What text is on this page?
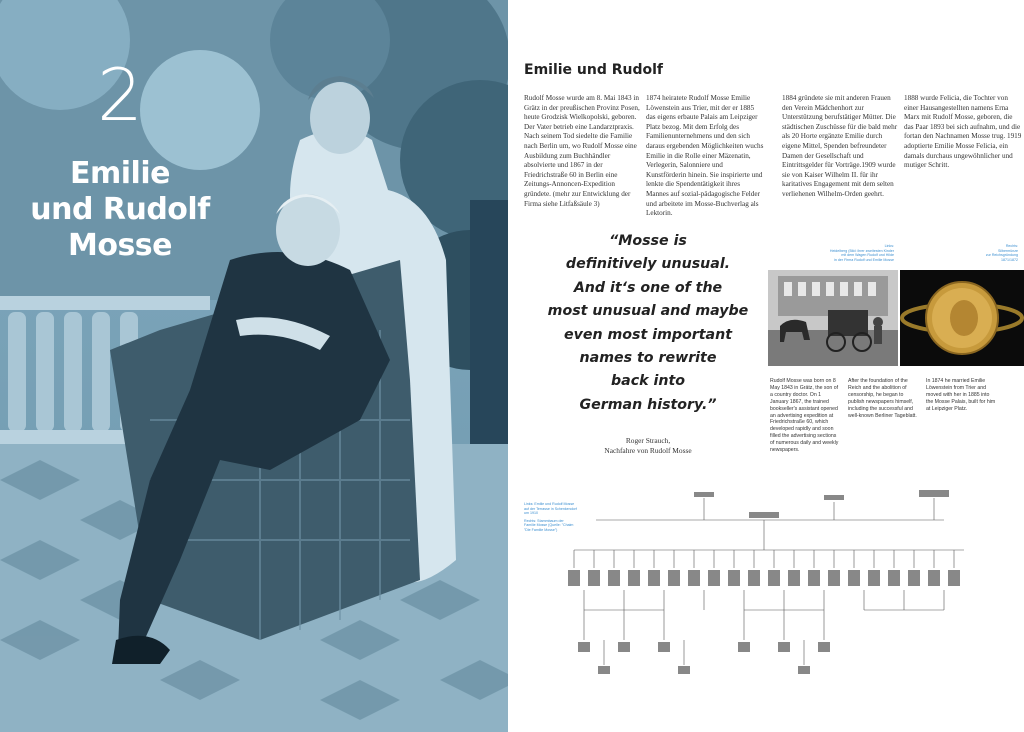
2
Emilie
und Rudolf
Mosse
Emilie und Rudolf
Rudolf Mosse wurde am 8. Mai 1843 in Grätz in der preußischen Provinz Posen, heute Grodzisk Wielkopolski, geboren. Der Vater betrieb eine Landarztpraxis. Nach seinem Tod siedelte die Familie nach Berlin um, wo Rudolf Mosse eine Ausbildung zum Buchhändler absolvierte und 1867 in der Friedrichstraße 60 in Berlin eine Zeitungs-Annoncen-Expedition gründete. (mehr zur Entwicklung der Firma siehe Litfaßsäule 3)
1874 heiratete Rudolf Mosse Emilie Löwenstein aus Trier, mit der er 1885 das eigens erbaute Palais am Leipziger Platz bezog. Mit dem Erfolg des Familienunternehmens und den sich daraus ergebenden Möglichkeiten wuchs Emilie in die Rolle einer Mäzenatin, Verlegerin, Salonniere und Kunstförderin hinein. Sie inspirierte und lenkte die Spendentätigkeit ihres Mannes auf sozial-pädagogische Felder und arbeitete im Mosse-Buchverlag als Lektorin.
1884 gründete sie mit anderen Frauen den Verein Mädchenhort zur Unterstützung berufstätiger Mütter. Die städtischen Zuschüsse für die bald mehr als 20 Horte ergänzte Emilie durch eigene Mittel, Spenden befreundeter Damen der Gesellschaft und Eintrittsgelder für Vorträge.1909 wurde sie von Kaiser Wilhelm II. für ihr karitatives Engagement mit dem selten verliehenen Wilhelm-Orden geehrt.
1888 wurde Felicia, die Tochter von einer Hausangestellten namens Erna Marx mit Rudolf Mosse, geboren, die das Paar 1893 bei sich aufnahm, und die fortan den Nachnamen Mosse trug. 1919 adoptierte Emilie Mosse Felicia, ein damals durchaus ungewöhnlicher und mutiger Schritt.
“Mosse is
definitively unusual.
And it‘s one of the
most unusual and maybe
even most important
names to rewrite
back into
German history.”
Roger Strauch,
Nachfahre von Rudolf Mosse
Links:
Heidelberg (Bild: ihrer zweitesten Kinder
mit dem Wagen Rudolf und Hilde
in der Firma Rudolf und Emilie Mosse
Rechts:
Silbermünze
zur Reichsgründung
1871/1872
Rudolf Mosse was born on 8 May 1843 in Grätz, the son of a country doctor. On 1 January 1867, the trained bookseller's assistant opened an advertising expedition at Friedrichstraße 60, which developed rapidly and soon filled the advertising sections of numerous daily and weekly newspapers.
After the foundation of the Reich and the abolition of censorship, he began to publish newspapers himself, including the successful and well-known Berliner Tageblatt.
In 1874 he married Emilie Löwenstein from Trier and moved with her in 1885 into the Mosse Palais, built for him at Leipziger Platz.
Links: Emilie und Rudolf Mosse
auf der Terrasse in Schenkendorf
um 1910
Rechts: Stammbaum der
Familie Mosse (Quelle: "Chaim
"Die Familie Mosse")
